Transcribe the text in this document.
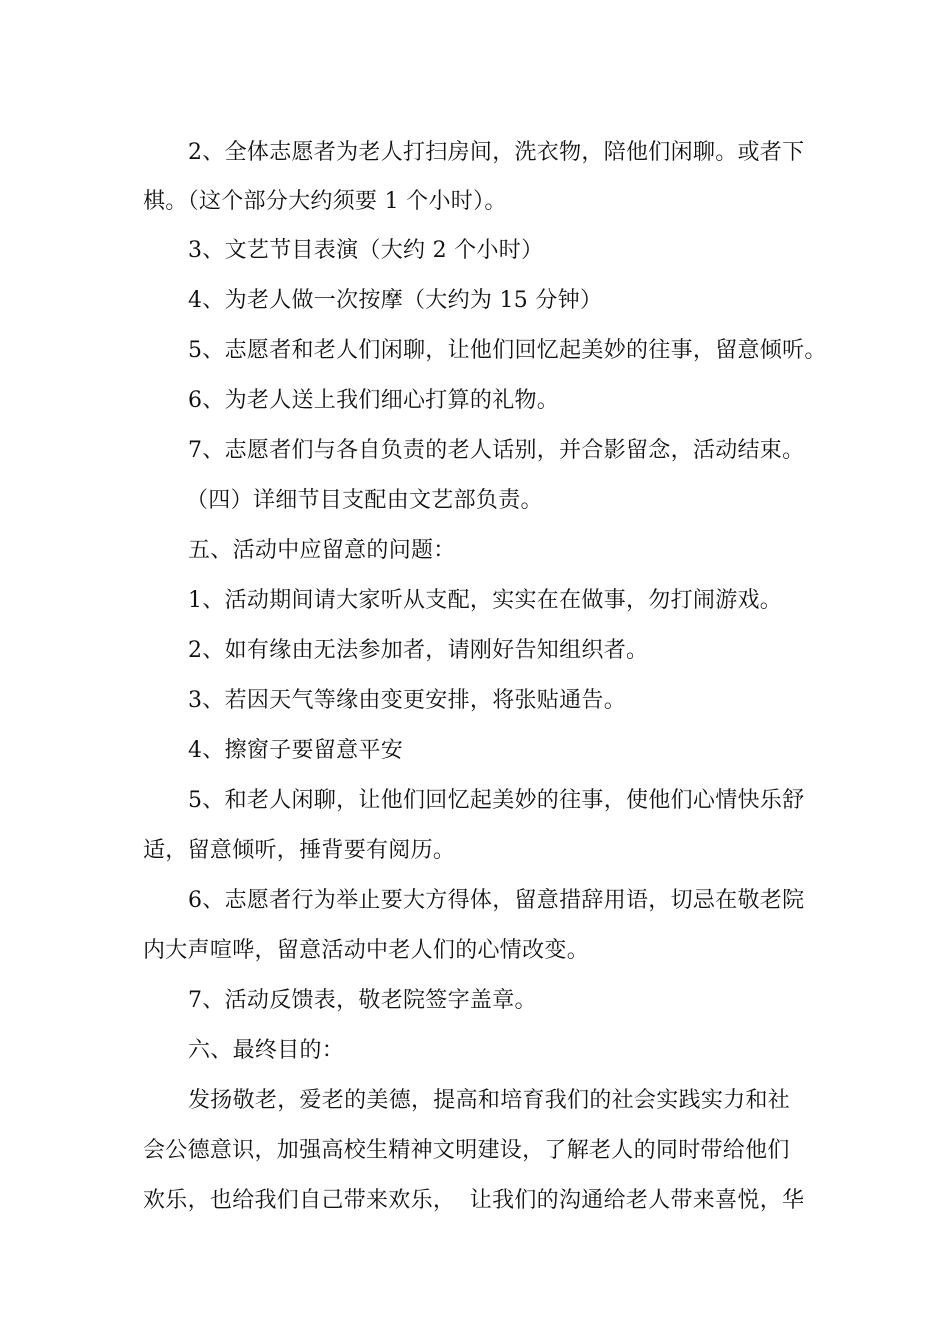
2、全体志愿者为老人打扫房间，洗衣物，陪他们闲聊。或者下
棋。（这个部分大约须要 1 个小时）。
3、文艺节目表演（大约 2 个小时）
4、为老人做一次按摩（大约为 15 分钟）
5、志愿者和老人们闲聊，让他们回忆起美妙的往事，留意倾听。
6、为老人送上我们细心打算的礼物。
7、志愿者们与各自负责的老人话别，并合影留念，活动结束。
（四）详细节目支配由文艺部负责。
五、活动中应留意的问题：
1、活动期间请大家听从支配，实实在在做事，勿打闹游戏。
2、如有缘由无法参加者，请刚好告知组织者。
3、若因天气等缘由变更安排，将张贴通告。
4、擦窗子要留意平安
5、和老人闲聊，让他们回忆起美妙的往事，使他们心情快乐舒
适，留意倾听，捶背要有阅历。
6、志愿者行为举止要大方得体，留意措辞用语，切忌在敬老院
内大声喧哗，留意活动中老人们的心情改变。
7、活动反馈表，敬老院签字盖章。
六、最终目的：
发扬敬老，爱老的美德，提高和培育我们的社会实践实力和社
会公德意识，加强高校生精神文明建设，了解老人的同时带给他们
欢乐，也给我们自己带来欢乐，  让我们的沟通给老人带来喜悦，华
